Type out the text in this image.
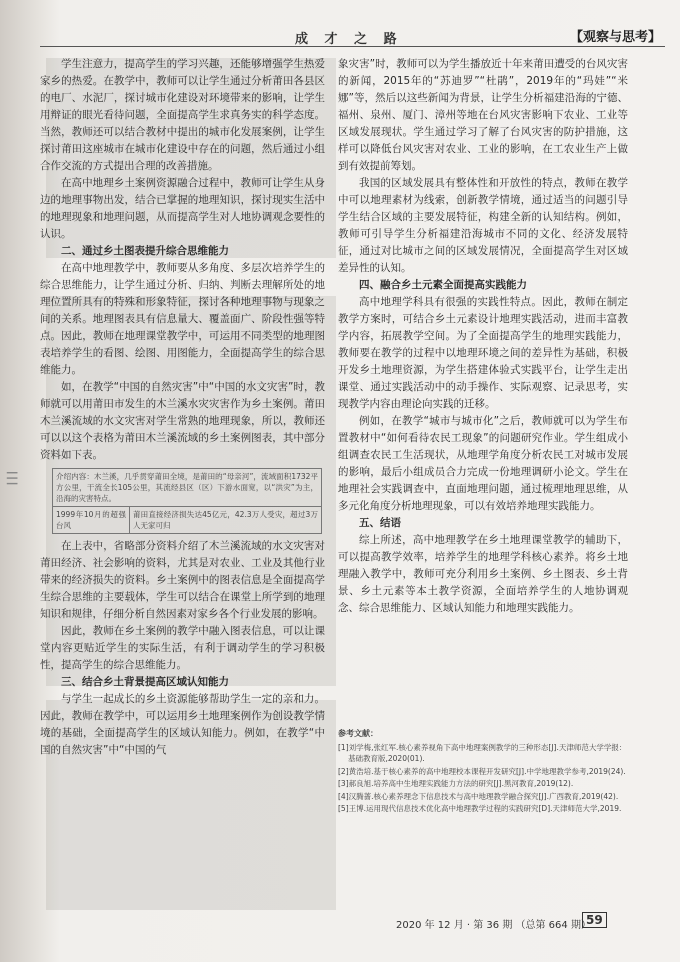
成 才 之 路	【观察与思考】
┃┃┃

学生注意力，提高学生的学习兴趣，还能够增强学生热爱家乡的热爱。在教学中，教师可以让学生通过分析莆田各县区的电厂、水泥厂，探讨城市化建设对环境带来的影响，让学生用辩证的眼光看待问题，全面提高学生求真务实的科学态度。当然，教师还可以结合教材中提出的城市化发展案例，让学生探讨莆田这座城市在城市化建设中存在的问题，然后通过小组合作交流的方式提出合理的改善措施。

在高中地理乡土案例资源融合过程中，教师可让学生从身边的地理事物出发，结合已掌握的地理知识，探讨现实生活中的地理现象和地理问题，从而提高学生对人地协调观念要性的认识。

二、通过乡土图表提升综合思维能力

在高中地理教学中，教师要从多角度、多层次培养学生的综合思维能力，让学生通过分析、归纳、判断去理解所处的地理位置所具有的特殊和形象特征，探讨各种地理事物与现象之间的关系。地理图表具有信息量大、覆盖面广、阶段性强等特点。因此，教师在地理课堂教学中，可运用不同类型的地理图表培养学生的看图、绘图、用图能力，全面提高学生的综合思维能力。

如，在教学“中国的自然灾害”中“中国的水文灾害”时，教师就可以用莆田市发生的木兰溪水灾灾害作为乡土案例。莆田木兰溪流域的水文灾害对学生常熟的地理现象，所以，教师还可以以这个表格为莆田木兰溪流域的乡土案例图表，其中部分资料如下表。

介绍内容：木兰溪，几乎贯穿莆田全境，是莆田的“母亲河”，流域面积1732平方公里，干流全长105公里，其流经县区（区）下游水面宽，以“洪灾”为主，沿海的灾害特点。
1999年10月的超强台风	莆田直接经济损失达45亿元，42.3万人受灾，超过3万人无家可归

在上表中，省略部分资料介绍了木兰溪流域的水文灾害对莆田经济、社会影响的资料，尤其是对农业、工业及其他行业带来的经济损失的资料。乡土案例中的图表信息是全面提高学生综合思维的主要载体，学生可以结合在课堂上所学到的地理知识和规律，仔细分析自然因素对家乡各个行业发展的影响。

因此，教师在乡土案例的教学中融入图表信息，可以让课堂内容更贴近学生的实际生活，有利于调动学生的学习积极性，提高学生的综合思维能力。

三、结合乡土背景提高区域认知能力

与学生一起成长的乡土资源能够帮助学生一定的亲和力。因此，教师在教学中，可以运用乡土地理案例作为创设教学情境的基础，全面提高学生的区域认知能力。例如，在教学“中国的自然灾害”中“中国的气

象灾害”时，教师可以为学生播放近十年来莆田遭受的台风灾害的新闻，2015年的“苏迪罗”“杜鹃”，2019年的“玛娃”“米娜”等，然后以这些新闻为背景，让学生分析福建沿海的宁德、福州、泉州、厦门、漳州等地在台风灾害影响下农业、工业等区域发展现状。学生通过学习了解了台风灾害的防护措施，这样可以降低台风灾害对农业、工业的影响，在工农业生产上做到有效提前筹划。

我国的区域发展具有整体性和开放性的特点，教师在教学中可以地理素材为线索，创新教学情境，通过适当的问题引导学生结合区域的主要发展特征，构建全新的认知结构。例如，教师可引导学生分析福建沿海城市不同的文化、经济发展特征，通过对比城市之间的区域发展情况，全面提高学生对区域差异性的认知。

四、融合乡土元素全面提高实践能力

高中地理学科具有很强的实践性特点。因此，教师在制定教学方案时，可结合乡土元素设计地理实践活动，进而丰富教学内容，拓展教学空间。为了全面提高学生的地理实践能力，教师要在教学的过程中以地理环境之间的差异性为基础，积极开发乡土地理资源，为学生搭建体验式实践平台，让学生走出课堂、通过实践活动中的动手操作、实际观察、记录思考，实现教学内容由理论向实践的迁移。

例如，在教学“城市与城市化”之后，教师就可以为学生布置教材中“如何看待农民工现象”的问题研究作业。学生组成小组调查农民工生活现状，从地理学角度分析农民工对城市发展的影响，最后小组成员合力完成一份地理调研小论文。学生在地理社会实践调查中，直面地理问题，通过梳理地理思维，从多元化角度分析地理现象，可以有效培养地理实践能力。

五、结语

综上所述，高中地理教学在乡土地理课堂教学的辅助下，可以提高教学效率，培养学生的地理学科核心素养。将乡土地理融入教学中，教师可充分利用乡土案例、乡土图表、乡土背景、乡土元素等本土教学资源，全面培养学生的人地协调观念、综合思维能力、区域认知能力和地理实践能力。

参考文献：
[1]刘学梅,张红军.核心素养视角下高中地理案例教学的三种形态[J].天津师范大学学报：基础教育版,2020(01).
[2]黄浩培.基于核心素养的高中地理校本课程开发研究[J].中学地理教学参考,2019(24).
[3]郝良旭.培养高中生地理实践能力方法的研究[J].黑河教育,2019(12).
[4]汉腾蔷.核心素养理念下信息技术与高中地理教学融合探究[J].广西教育,2019(42).
[5]王博.运用现代信息技术优化高中地理教学过程的实践研究[D].天津师范大学,2019.
2020 年 12 月 · 第 36 期 （总第 664 期）
59
